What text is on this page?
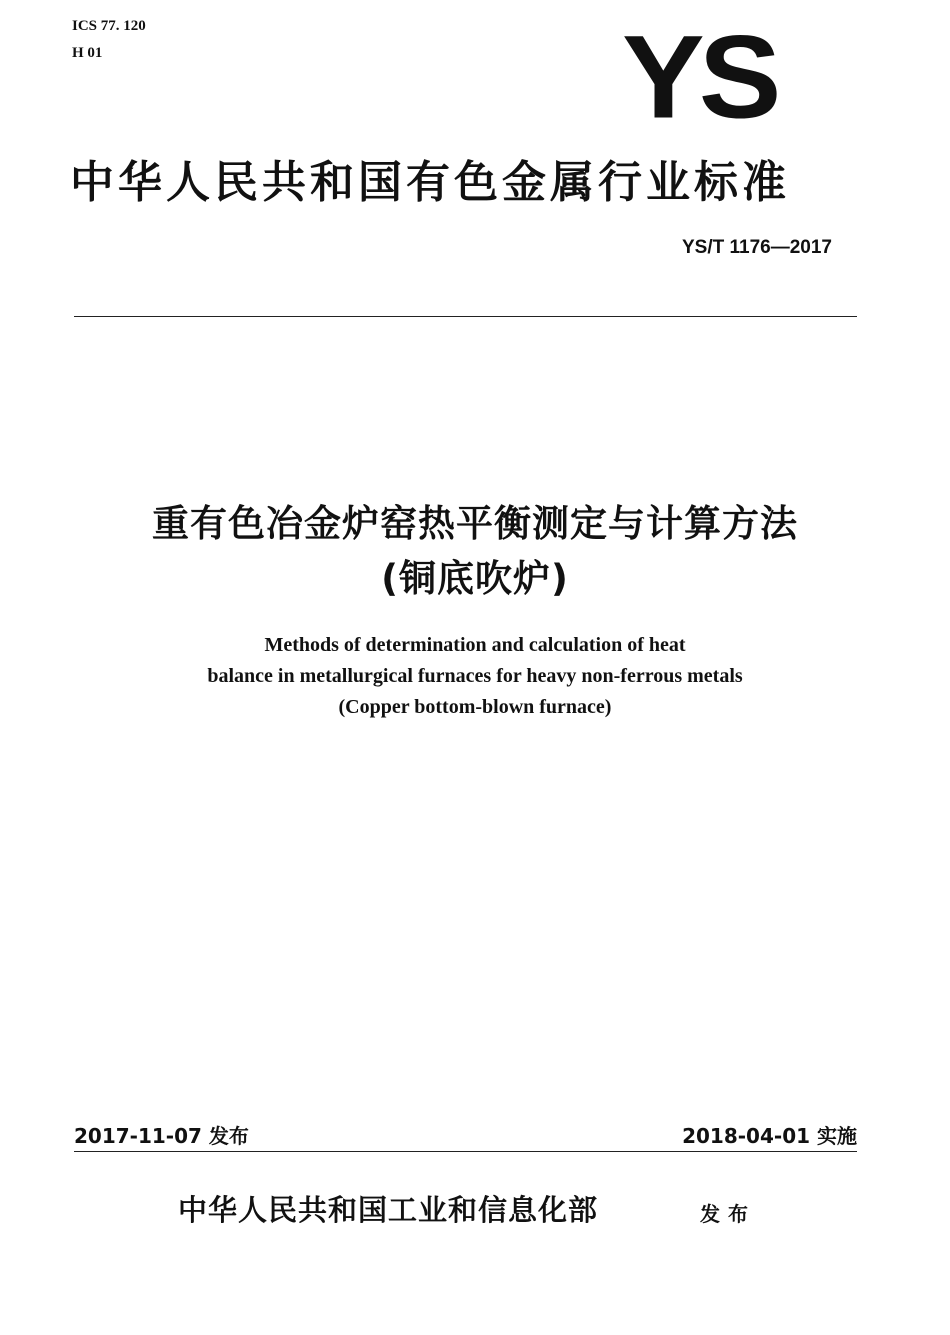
ICS 77. 120
H 01	YS
中华人民共和国有色金属行业标准
YS/T 1176—2017
重有色冶金炉窑热平衡测定与计算方法
(铜底吹炉)
Methods of determination and calculation of heat
balance in metallurgical furnaces for heavy non-ferrous metals
(Copper bottom-blown furnace)
2017-11-07 发布	2018-04-01 实施
中华人民共和国工业和信息化部	发布
